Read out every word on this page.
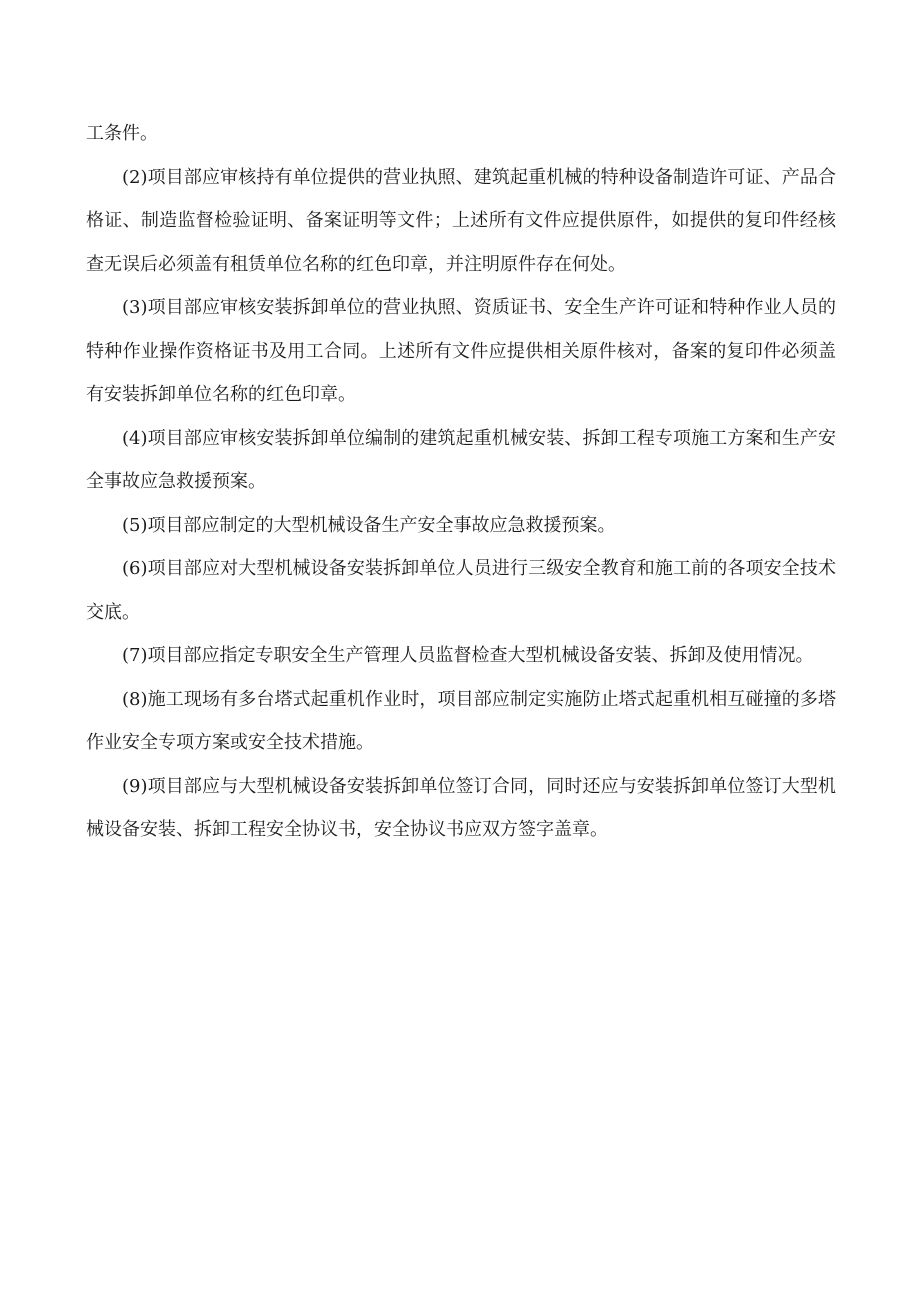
工条件。

(2)项目部应审核持有单位提供的营业执照、建筑起重机械的特种设备制造许可证、产品合格证、制造监督检验证明、备案证明等文件；上述所有文件应提供原件，如提供的复印件经核查无误后必须盖有租赁单位名称的红色印章，并注明原件存在何处。

(3)项目部应审核安装拆卸单位的营业执照、资质证书、安全生产许可证和特种作业人员的特种作业操作资格证书及用工合同。上述所有文件应提供相关原件核对，备案的复印件必须盖有安装拆卸单位名称的红色印章。

(4)项目部应审核安装拆卸单位编制的建筑起重机械安装、拆卸工程专项施工方案和生产安全事故应急救援预案。

(5)项目部应制定的大型机械设备生产安全事故应急救援预案。

(6)项目部应对大型机械设备安装拆卸单位人员进行三级安全教育和施工前的各项安全技术交底。

(7)项目部应指定专职安全生产管理人员监督检查大型机械设备安装、拆卸及使用情况。

(8)施工现场有多台塔式起重机作业时，项目部应制定实施防止塔式起重机相互碰撞的多塔作业安全专项方案或安全技术措施。

(9)项目部应与大型机械设备安装拆卸单位签订合同，同时还应与安装拆卸单位签订大型机械设备安装、拆卸工程安全协议书，安全协议书应双方签字盖章。
